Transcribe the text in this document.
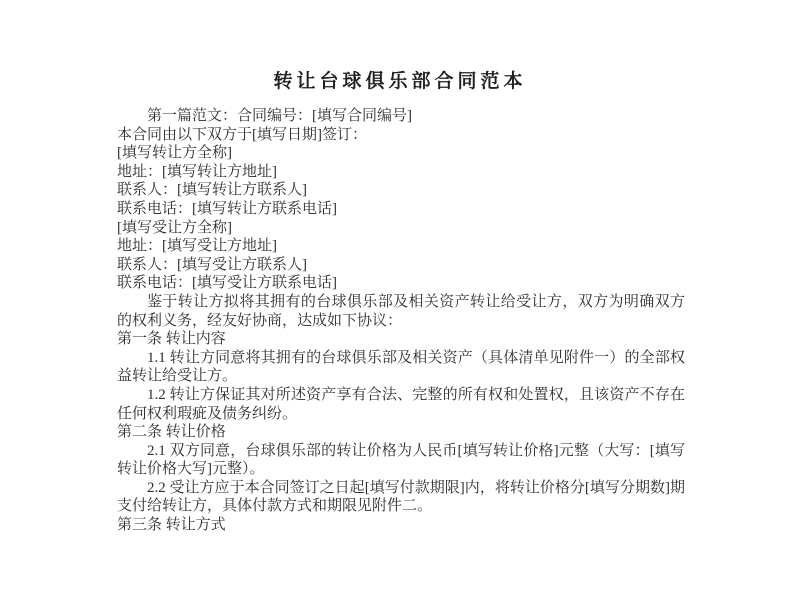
转让台球俱乐部合同范本

第一篇范文：合同编号：[填写合同编号]

本合同由以下双方于[填写日期]签订：

[填写转让方全称]

地址：[填写转让方地址]

联系人：[填写转让方联系人]

联系电话：[填写转让方联系电话]

[填写受让方全称]

地址：[填写受让方地址]

联系人：[填写受让方联系人]

联系电话：[填写受让方联系电话]

鉴于转让方拟将其拥有的台球俱乐部及相关资产转让给受让方，双方为明确双方的权利义务，经友好协商，达成如下协议：

第一条 转让内容

1.1 转让方同意将其拥有的台球俱乐部及相关资产（具体清单见附件一）的全部权益转让给受让方。

1.2 转让方保证其对所述资产享有合法、完整的所有权和处置权，且该资产不存在任何权利瑕疵及债务纠纷。

第二条 转让价格

2.1 双方同意，台球俱乐部的转让价格为人民币[填写转让价格]元整（大写：[填写转让价格大写]元整）。

2.2 受让方应于本合同签订之日起[填写付款期限]内，将转让价格分[填写分期数]期支付给转让方，具体付款方式和期限见附件二。

第三条 转让方式
